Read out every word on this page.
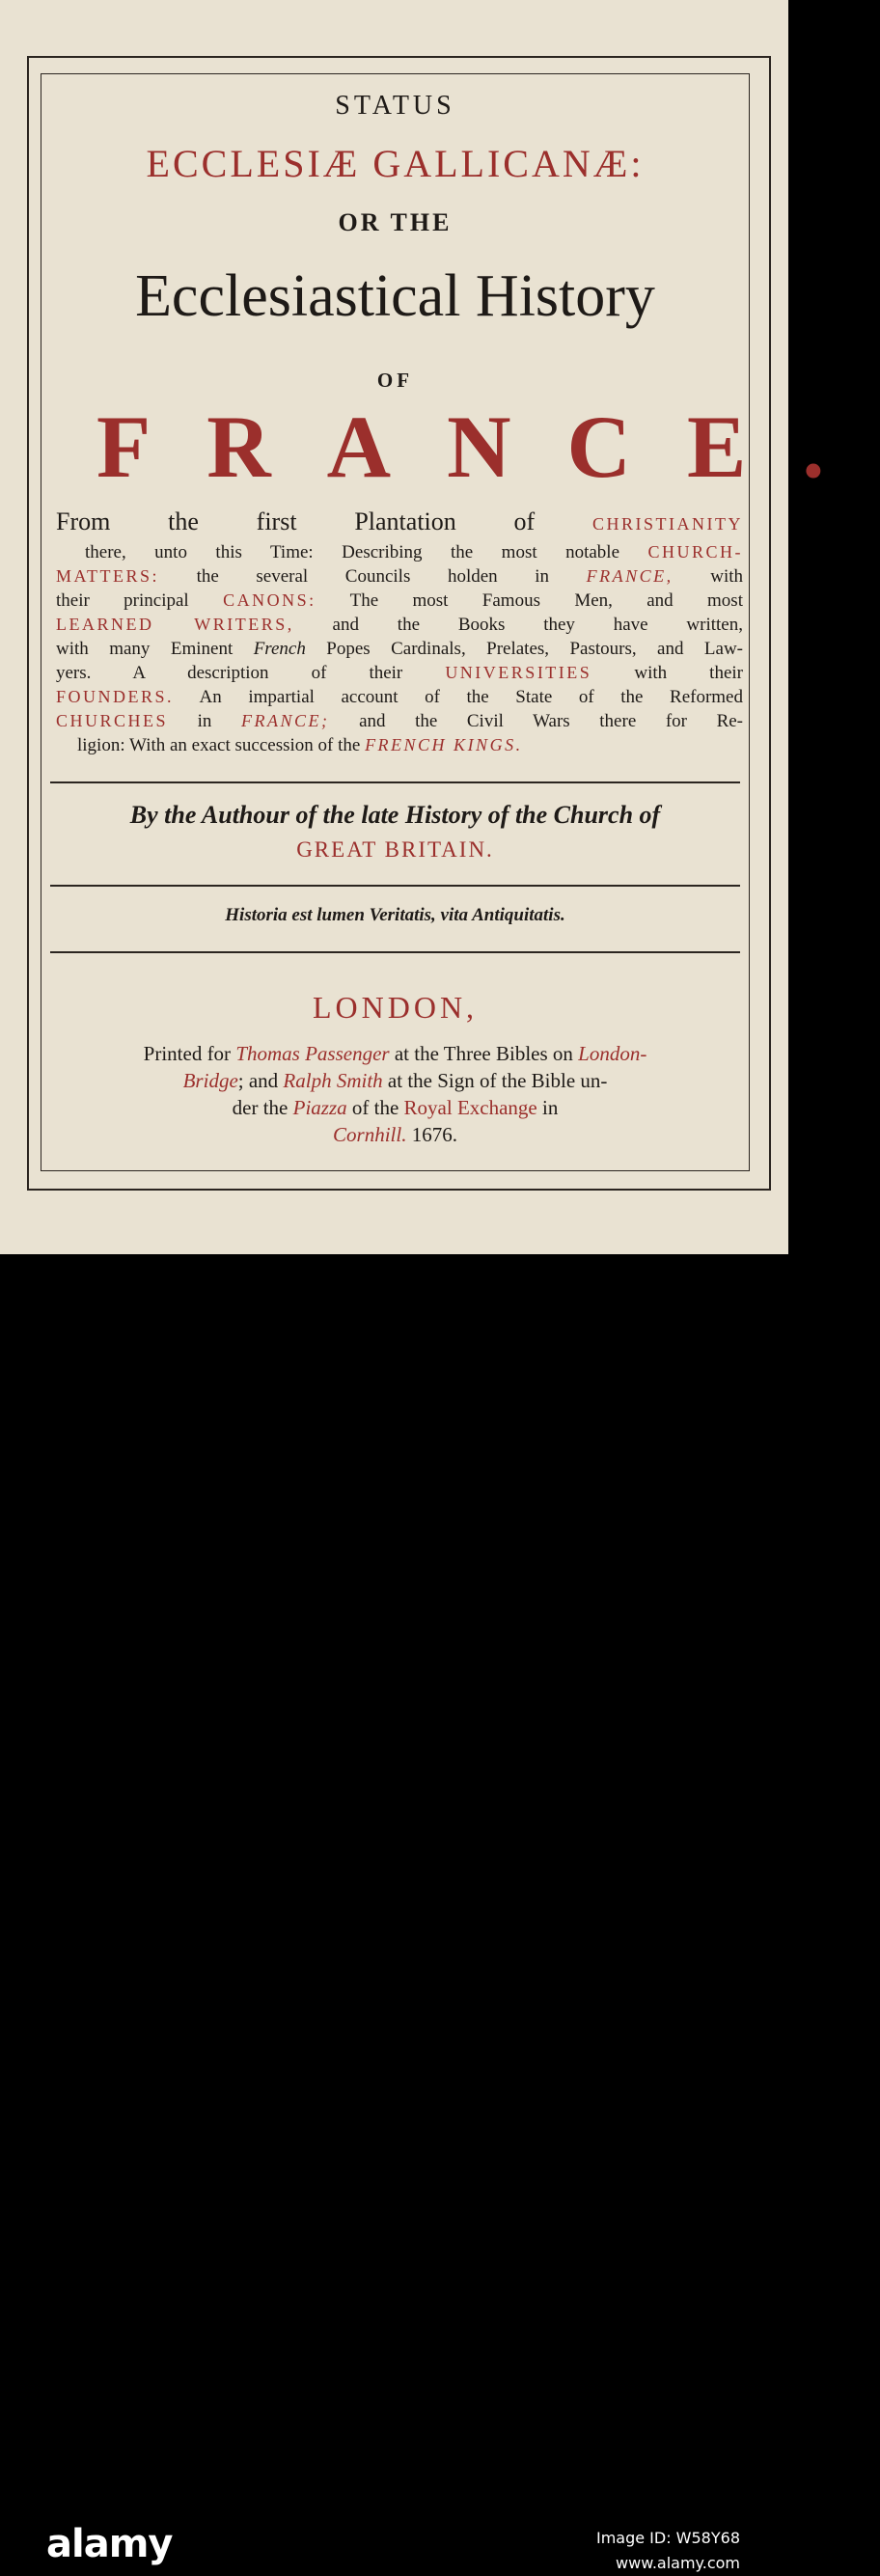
STATUS
ECCLESIÆ GALLICANÆ:
OR THE
Ecclesiastical History
OF
FRANCE.
From the first Plantation of CHRISTIANITY
there, unto this Time: Describing the most notable CHURCH-
MATTERS: the several Councils holden in FRANCE, with
their principal CANONS: The most Famous Men, and most
LEARNED WRITERS, and the Books they have written,
with many Eminent French Popes Cardinals, Prelates, Pastours, and Law-
yers. A description of their UNIVERSITIES with their
FOUNDERS. An impartial account of the State of the Reformed
CHURCHES in FRANCE; and the Civil Wars there for Re-
ligion: With an exact succession of the FRENCH KINGS.
By the Authour of the late History of the Church of
GREAT BRITAIN.
Historia est lumen Veritatis, vita Antiquitatis.
LONDON,
Printed for Thomas Passenger at the Three Bibles on London-
Bridge; and Ralph Smith at the Sign of the Bible un-
der the Piazza of the Royal Exchange in
Cornhill. 1676.
alamy	Image ID: W58Y68
www.alamy.com
